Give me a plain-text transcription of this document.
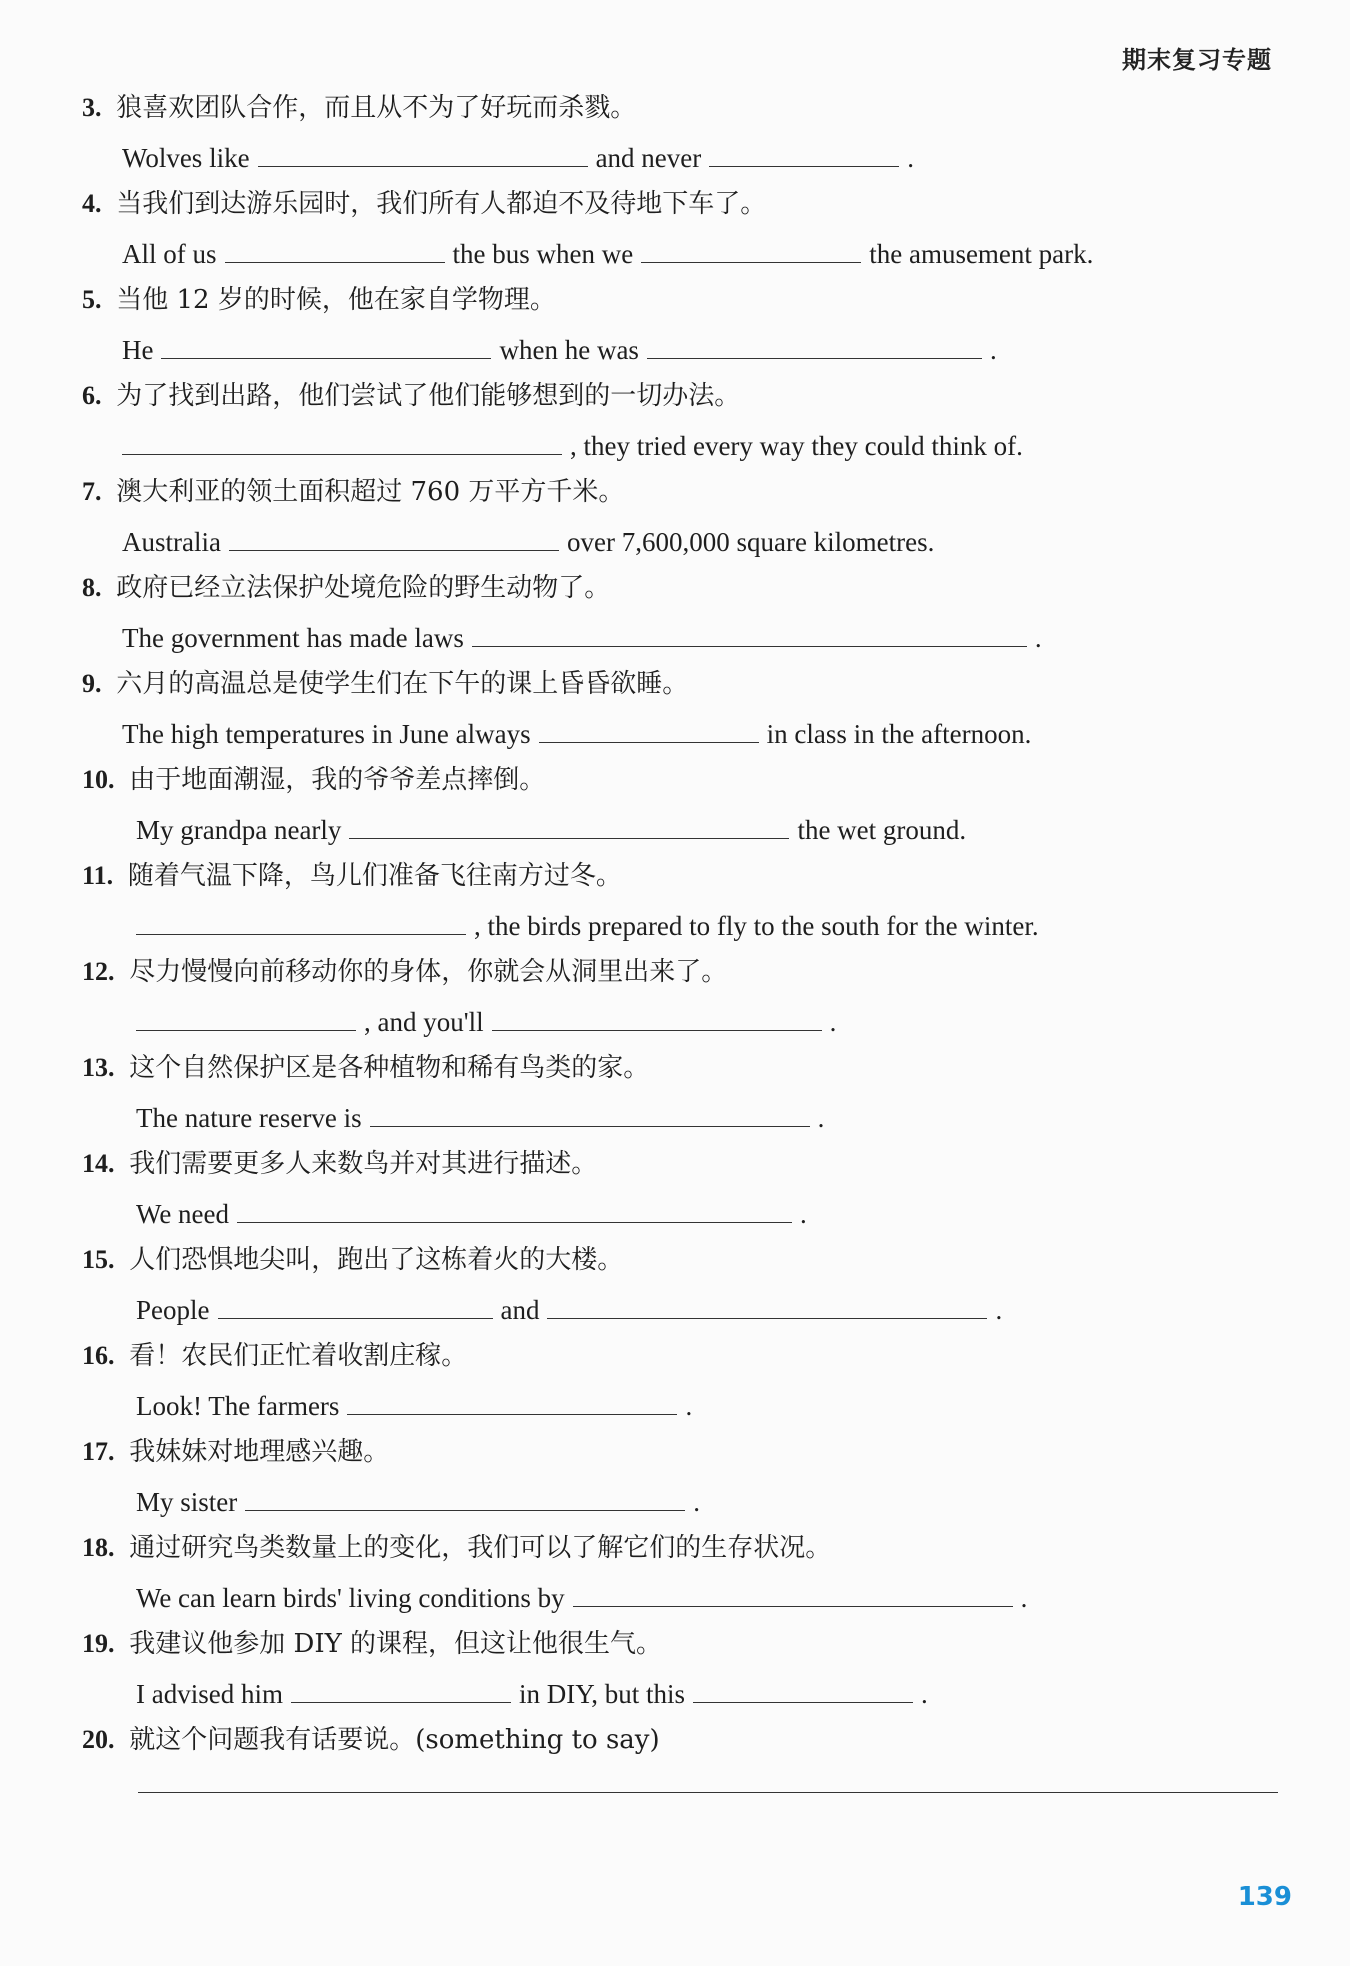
期末复习专题
3. 狼喜欢团队合作，而且从不为了好玩而杀戮。
Wolves like	and never	.
4. 当我们到达游乐园时，我们所有人都迫不及待地下车了。
All of us	the bus when we	the amusement park.
5. 当他 12 岁的时候，他在家自学物理。
He	when he was	.
6. 为了找到出路，他们尝试了他们能够想到的一切办法。
, they tried every way they could think of.
7. 澳大利亚的领土面积超过 760 万平方千米。
Australia	over 7,600,000 square kilometres.
8. 政府已经立法保护处境危险的野生动物了。
The government has made laws	.
9. 六月的高温总是使学生们在下午的课上昏昏欲睡。
The high temperatures in June always	in class in the afternoon.
10. 由于地面潮湿，我的爷爷差点摔倒。
My grandpa nearly	the wet ground.
11. 随着气温下降，鸟儿们准备飞往南方过冬。
, the birds prepared to fly to the south for the winter.
12. 尽力慢慢向前移动你的身体，你就会从洞里出来了。
, and you'll	.
13. 这个自然保护区是各种植物和稀有鸟类的家。
The nature reserve is	.
14. 我们需要更多人来数鸟并对其进行描述。
We need	.
15. 人们恐惧地尖叫，跑出了这栋着火的大楼。
People	and	.
16. 看！农民们正忙着收割庄稼。
Look! The farmers	.
17. 我妹妹对地理感兴趣。
My sister	.
18. 通过研究鸟类数量上的变化，我们可以了解它们的生存状况。
We can learn birds' living conditions by	.
19. 我建议他参加 DIY 的课程，但这让他很生气。
I advised him	in DIY, but this	.
20. 就这个问题我有话要说。(something to say)
139
